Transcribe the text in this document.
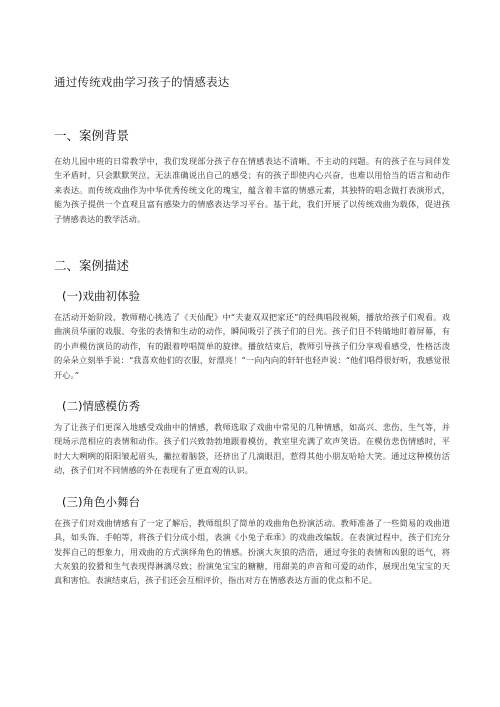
通过传统戏曲学习孩子的情感表达
一、案例背景

在幼儿园中班的日常教学中，我们发现部分孩子存在情感表达不清晰、不主动的问题。有的孩子在与同伴发生矛盾时，只会默默哭泣，无法准确说出自己的感受；有的孩子即使内心兴奋，也难以用恰当的语言和动作来表达。而传统戏曲作为中华优秀传统文化的瑰宝，蕴含着丰富的情感元素，其独特的唱念做打表演形式，能为孩子提供一个直观且富有感染力的情感表达学习平台。基于此，我们开展了以传统戏曲为载体，促进孩子情感表达的教学活动。

二、案例描述
(一)戏曲初体验

在活动开始阶段，教师精心挑选了《天仙配》中“夫妻双双把家还”的经典唱段视频，播放给孩子们观看。戏曲演员华丽的戏服、夸张的表情和生动的动作，瞬间吸引了孩子们的目光。孩子们目不转睛地盯着屏幕，有的小声模仿演员的动作，有的跟着哼唱简单的旋律。播放结束后，教师引导孩子们分享观看感受，性格活泼的朵朵立刻举手说：“我喜欢他们的衣服，好漂亮！”一向内向的轩轩也轻声说：“他们唱得很好听，我感觉很开心。”

(二)情感模仿秀

为了让孩子们更深入地感受戏曲中的情感，教师选取了戏曲中常见的几种情感，如高兴、悲伤、生气等，并现场示范相应的表情和动作。孩子们兴致勃勃地跟着模仿，教室里充满了欢声笑语。在模仿悲伤情感时，平时大大咧咧的阳阳皱起眉头，撇拉着脑袋，还挤出了几滴眼泪，惹得其他小朋友哈哈大笑。通过这种模仿活动，孩子们对不同情感的外在表现有了更直观的认识。

(三)角色小舞台

在孩子们对戏曲情感有了一定了解后，教师组织了简单的戏曲角色扮演活动。教师准备了一些简易的戏曲道具，如头饰、手帕等，将孩子们分成小组，表演《小兔子乖乖》的戏曲改编版。在表演过程中，孩子们充分发挥自己的想象力，用戏曲的方式演绎角色的情感。扮演大灰狼的浩浩，通过夸张的表情和凶狠的语气，将大灰狼的狡猾和生气表现得淋漓尽致；扮演兔宝宝的糖糖，用甜美的声音和可爱的动作，展现出兔宝宝的天真和害怕。表演结束后，孩子们还会互相评价，指出对方在情感表达方面的优点和不足。
